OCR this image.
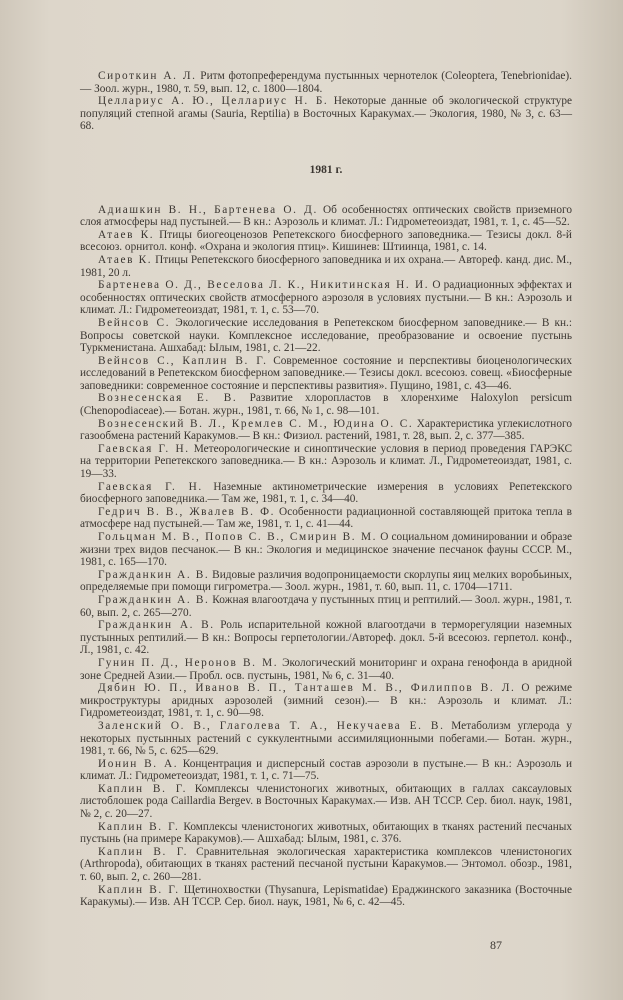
Сироткин А. Л. Ритм фотопреферендума пустынных чернотелок (Coleoptera, Tenebrionidae).— Зоол. журн., 1980, т. 59, вып. 12, с. 1800—1804.

Целлариус А. Ю., Целлариус Н. Б. Некоторые данные об экологической структуре популяций степной агамы (Sauria, Reptilia) в Восточных Каракумах.— Экология, 1980, № 3, с. 63—68.

1981 г.

Адиашкин В. Н., Бартенева О. Д. Об особенностях оптических свойств приземного слоя атмосферы над пустыней.— В кн.: Аэрозоль и климат. Л.: Гидрометеоиздат, 1981, т. 1, с. 45—52.

Атаев К. Птицы биогеоценозов Репетекского биосферного заповедника.— Тезисы докл. 8-й всесоюз. орнитол. конф. «Охрана и экология птиц». Кишинев: Штиинца, 1981, с. 14.

Атаев К. Птицы Репетекского биосферного заповедника и их охрана.— Автореф. канд. дис. М., 1981, 20 л.

Бартенева О. Д., Веселова Л. К., Никитинская Н. И. О радиационных эффектах и особенностях оптических свойств атмосферного аэрозоля в условиях пустыни.— В кн.: Аэрозоль и климат. Л.: Гидрометеоиздат, 1981, т. 1, с. 53—70.

Вейнсов С. Экологические исследования в Репетекском биосферном заповеднике.— В кн.: Вопросы советской науки. Комплексное исследование, преобразование и освоение пустынь Туркменистана. Ашхабад: Ылым, 1981, с. 21—22.

Вейнсов С., Каплин В. Г. Современное состояние и перспективы биоценологических исследований в Репетекском биосферном заповеднике.— Тезисы докл. всесоюз. совещ. «Биосферные заповедники: современное состояние и перспективы развития». Пущино, 1981, с. 43—46.

Вознесенская Е. В. Развитие хлоропластов в хлоренхиме Haloxylon persicum (Chenopodiaceae).— Ботан. журн., 1981, т. 66, № 1, с. 98—101.

Вознесенский В. Л., Кремлев С. М., Юдина О. С. Характеристика углекислотного газообмена растений Каракумов.— В кн.: Физиол. растений, 1981, т. 28, вып. 2, с. 377—385.

Гаевская Г. Н. Метеорологические и синоптические условия в период проведения ГАРЭКС на территории Репетекского заповедника.— В кн.: Аэрозоль и климат. Л., Гидрометеоиздат, 1981, с. 19—33.

Гаевская Г. Н. Наземные актинометрические измерения в условиях Репетекского биосферного заповедника.— Там же, 1981, т. 1, с. 34—40.

Гедрич В. В., Жвалев В. Ф. Особенности радиационной составляющей притока тепла в атмосфере над пустыней.— Там же, 1981, т. 1, с. 41—44.

Гольцман М. В., Попов С. В., Смирин В. М. О социальном доминировании и образе жизни трех видов песчанок.— В кн.: Экология и медицинское значение песчанок фауны СССР. М., 1981, с. 165—170.

Гражданкин А. В. Видовые различия водопроницаемости скорлупы яиц мелких воробьиных, определяемые при помощи гигрометра.— Зоол. журн., 1981, т. 60, вып. 11, с. 1704—1711.

Гражданкин А. В. Кожная влагоотдача у пустынных птиц и рептилий.— Зоол. журн., 1981, т. 60, вып. 2, с. 265—270.

Гражданкин А. В. Роль испарительной кожной влагоотдачи в терморегуляции наземных пустынных рептилий.— В кн.: Вопросы герпетологии./Автореф. докл. 5-й всесоюз. герпетол. конф., Л., 1981, с. 42.

Гунин П. Д., Неронов В. М. Экологический мониторинг и охрана генофонда в аридной зоне Средней Азии.— Пробл. осв. пустынь, 1981, № 6, с. 31—40.

Дябин Ю. П., Иванов В. П., Танташев М. В., Филиппов В. Л. О режиме микроструктуры аридных аэрозолей (зимний сезон).— В кн.: Аэрозоль и климат. Л.: Гидрометеоиздат, 1981, т. 1, с. 90—98.

Заленский О. В., Глаголева Т. А., Некучаева Е. В. Метаболизм углерода у некоторых пустынных растений с суккулентными ассимиляционными побегами.— Ботан. журн., 1981, т. 66, № 5, с. 625—629.

Ионин В. А. Концентрация и дисперсный состав аэрозоли в пустыне.— В кн.: Аэрозоль и климат. Л.: Гидрометеоиздат, 1981, т. 1, с. 71—75.

Каплин В. Г. Комплексы членистоногих животных, обитающих в галлах саксауловых листоблошек рода Caillardia Bergev. в Восточных Каракумах.— Изв. АН ТССР. Сер. биол. наук, 1981, № 2, с. 20—27.

Каплин В. Г. Комплексы членистоногих животных, обитающих в тканях растений песчаных пустынь (на примере Каракумов).— Ашхабад: Ылым, 1981, с. 376.

Каплин В. Г. Сравнительная экологическая характеристика комплексов членистоногих (Arthropoda), обитающих в тканях растений песчаной пустыни Каракумов.— Энтомол. обозр., 1981, т. 60, вып. 2, с. 260—281.

Каплин В. Г. Щетинохвостки (Thysanura, Lepismatidae) Ераджинского заказника (Восточные Каракумы).— Изв. АН ТССР. Сер. биол. наук, 1981, № 6, с. 42—45.

87
